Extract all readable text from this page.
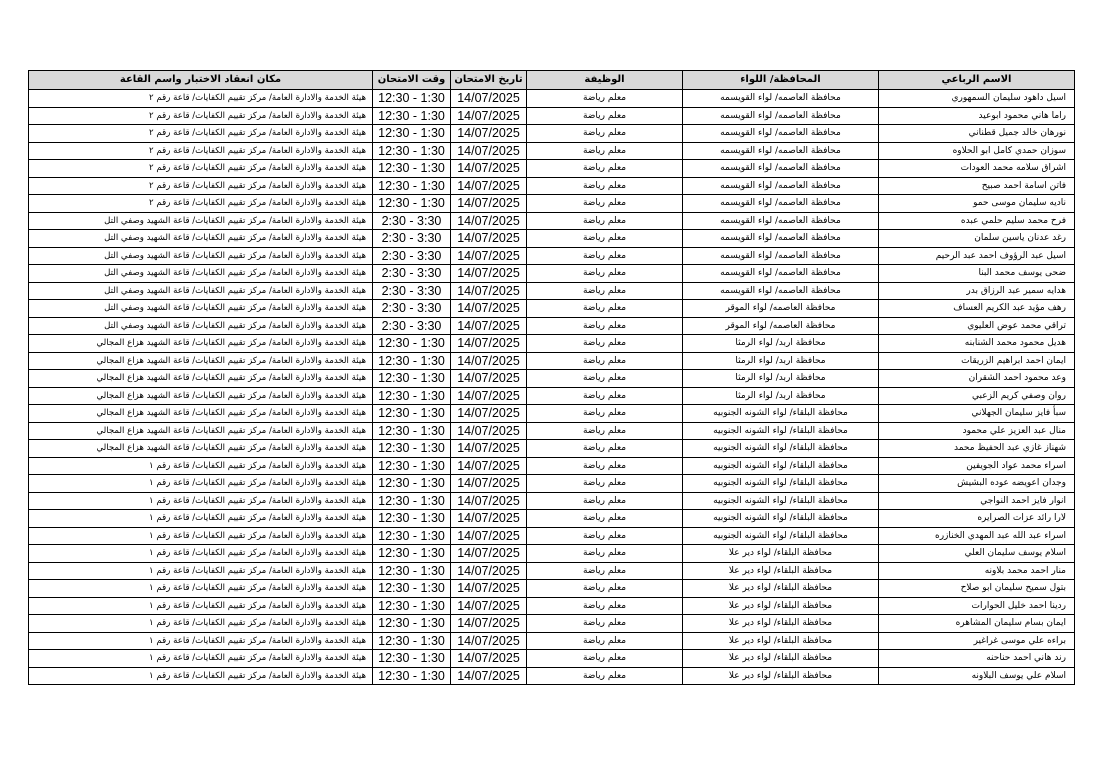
الاسم الرباعي	المحافظة/ اللواء	الوظيفة	تاريخ الامتحان	وقت الامتحان	مكان انعقاد الاختبار واسم القاعة
اسيل داهود سليمان السمهوري	محافظة العاصمه/ لواء القويسمه	معلم رياضة	14/07/2025	12:30 - 1:30	هيئة الخدمة والادارة العامة/ مركز تقييم الكفايات/ قاعة رقم ٢
راما هاني محمود ابوعيد	محافظة العاصمه/ لواء القويسمه	معلم رياضة	14/07/2025	12:30 - 1:30	هيئة الخدمة والادارة العامة/ مركز تقييم الكفايات/ قاعة رقم ٢
نورهان خالد جميل قطناني	محافظة العاصمه/ لواء القويسمه	معلم رياضة	14/07/2025	12:30 - 1:30	هيئة الخدمة والادارة العامة/ مركز تقييم الكفايات/ قاعة رقم ٢
سوزان حمدي كامل ابو الحلاوه	محافظة العاصمه/ لواء القويسمه	معلم رياضة	14/07/2025	12:30 - 1:30	هيئة الخدمة والادارة العامة/ مركز تقييم الكفايات/ قاعة رقم ٢
اشراق سلامه محمد العودات	محافظة العاصمه/ لواء القويسمه	معلم رياضة	14/07/2025	12:30 - 1:30	هيئة الخدمة والادارة العامة/ مركز تقييم الكفايات/ قاعة رقم ٢
فاتن اسامة احمد صبيح	محافظة العاصمه/ لواء القويسمه	معلم رياضة	14/07/2025	12:30 - 1:30	هيئة الخدمة والادارة العامة/ مركز تقييم الكفايات/ قاعة رقم ٢
ناديه سليمان موسى حمو	محافظة العاصمه/ لواء القويسمه	معلم رياضة	14/07/2025	12:30 - 1:30	هيئة الخدمة والادارة العامة/ مركز تقييم الكفايات/ قاعة رقم ٢
فرح محمد سليم حلمي عبده	محافظة العاصمه/ لواء القويسمه	معلم رياضة	14/07/2025	2:30 - 3:30	هيئة الخدمة والادارة العامة/ مركز تقييم الكفايات/ قاعة الشهيد وصفي التل
رغد عدنان ياسين سلمان	محافظة العاصمه/ لواء القويسمه	معلم رياضة	14/07/2025	2:30 - 3:30	هيئة الخدمة والادارة العامة/ مركز تقييم الكفايات/ قاعة الشهيد وصفي التل
اسيل عبد الرؤوف احمد عبد الرحيم	محافظة العاصمه/ لواء القويسمه	معلم رياضة	14/07/2025	2:30 - 3:30	هيئة الخدمة والادارة العامة/ مركز تقييم الكفايات/ قاعة الشهيد وصفي التل
ضحى يوسف محمد البنا	محافظة العاصمه/ لواء القويسمه	معلم رياضة	14/07/2025	2:30 - 3:30	هيئة الخدمة والادارة العامة/ مركز تقييم الكفايات/ قاعة الشهيد وصفي التل
هدايه سمير عبد الرزاق بدر	محافظة العاصمه/ لواء القويسمه	معلم رياضة	14/07/2025	2:30 - 3:30	هيئة الخدمة والادارة العامة/ مركز تقييم الكفايات/ قاعة الشهيد وصفي التل
رهف مؤيد عبد الكريم العساف	محافظة العاصمه/ لواء الموقر	معلم رياضة	14/07/2025	2:30 - 3:30	هيئة الخدمة والادارة العامة/ مركز تقييم الكفايات/ قاعة الشهيد وصفي التل
تراقي محمد عوض العليوي	محافظة العاصمه/ لواء الموقر	معلم رياضة	14/07/2025	2:30 - 3:30	هيئة الخدمة والادارة العامة/ مركز تقييم الكفايات/ قاعة الشهيد وصفي التل
هديل محمود محمد الشنابنه	محافظة اربد/ لواء الرمثا	معلم رياضة	14/07/2025	12:30 - 1:30	هيئة الخدمة والادارة العامة/ مركز تقييم الكفايات/ قاعة الشهيد هزاع المجالي
ايمان احمد ابراهيم الزريقات	محافظة اربد/ لواء الرمثا	معلم رياضة	14/07/2025	12:30 - 1:30	هيئة الخدمة والادارة العامة/ مركز تقييم الكفايات/ قاعة الشهيد هزاع المجالي
وعد محمود احمد الشقران	محافظة اربد/ لواء الرمثا	معلم رياضة	14/07/2025	12:30 - 1:30	هيئة الخدمة والادارة العامة/ مركز تقييم الكفايات/ قاعة الشهيد هزاع المجالي
روان وصفي كريم الزعبي	محافظة اربد/ لواء الرمثا	معلم رياضة	14/07/2025	12:30 - 1:30	هيئة الخدمة والادارة العامة/ مركز تقييم الكفايات/ قاعة الشهيد هزاع المجالي
سبأ فايز سليمان الجهلاني	محافظة البلقاء/ لواء الشونه الجنوبيه	معلم رياضة	14/07/2025	12:30 - 1:30	هيئة الخدمة والادارة العامة/ مركز تقييم الكفايات/ قاعة الشهيد هزاع المجالي
منال عبد العزيز علي محمود	محافظة البلقاء/ لواء الشونه الجنوبيه	معلم رياضة	14/07/2025	12:30 - 1:30	هيئة الخدمة والادارة العامة/ مركز تقييم الكفايات/ قاعة الشهيد هزاع المجالي
شهناز غازي عبد الحفيظ محمد	محافظة البلقاء/ لواء الشونه الجنوبيه	معلم رياضة	14/07/2025	12:30 - 1:30	هيئة الخدمة والادارة العامة/ مركز تقييم الكفايات/ قاعة الشهيد هزاع المجالي
اسراء محمد عواد الجويفين	محافظة البلقاء/ لواء الشونه الجنوبيه	معلم رياضة	14/07/2025	12:30 - 1:30	هيئة الخدمة والادارة العامة/ مركز تقييم الكفايات/ قاعة رقم ١
وجدان اعويضه عوده البشيش	محافظة البلقاء/ لواء الشونه الجنوبيه	معلم رياضة	14/07/2025	12:30 - 1:30	هيئة الخدمة والادارة العامة/ مركز تقييم الكفايات/ قاعة رقم ١
انوار فايز احمد النواجي	محافظة البلقاء/ لواء الشونه الجنوبيه	معلم رياضة	14/07/2025	12:30 - 1:30	هيئة الخدمة والادارة العامة/ مركز تقييم الكفايات/ قاعة رقم ١
لارا رائد عزات الصرايره	محافظة البلقاء/ لواء الشونه الجنوبيه	معلم رياضة	14/07/2025	12:30 - 1:30	هيئة الخدمة والادارة العامة/ مركز تقييم الكفايات/ قاعة رقم ١
اسراء عبد الله عبد المهدي الخنازره	محافظة البلقاء/ لواء الشونه الجنوبيه	معلم رياضة	14/07/2025	12:30 - 1:30	هيئة الخدمة والادارة العامة/ مركز تقييم الكفايات/ قاعة رقم ١
اسلام يوسف سليمان العلي	محافظة البلقاء/ لواء دير علا	معلم رياضة	14/07/2025	12:30 - 1:30	هيئة الخدمة والادارة العامة/ مركز تقييم الكفايات/ قاعة رقم ١
منار احمد محمد بلاونه	محافظة البلقاء/ لواء دير علا	معلم رياضة	14/07/2025	12:30 - 1:30	هيئة الخدمة والادارة العامة/ مركز تقييم الكفايات/ قاعة رقم ١
بتول سميح سليمان ابو صلاح	محافظة البلقاء/ لواء دير علا	معلم رياضة	14/07/2025	12:30 - 1:30	هيئة الخدمة والادارة العامة/ مركز تقييم الكفايات/ قاعة رقم ١
ردينا احمد خليل الحوارات	محافظة البلقاء/ لواء دير علا	معلم رياضة	14/07/2025	12:30 - 1:30	هيئة الخدمة والادارة العامة/ مركز تقييم الكفايات/ قاعة رقم ١
ايمان بسام سليمان المشاهره	محافظة البلقاء/ لواء دير علا	معلم رياضة	14/07/2025	12:30 - 1:30	هيئة الخدمة والادارة العامة/ مركز تقييم الكفايات/ قاعة رقم ١
براءه علي موسى غراغير	محافظة البلقاء/ لواء دير علا	معلم رياضة	14/07/2025	12:30 - 1:30	هيئة الخدمة والادارة العامة/ مركز تقييم الكفايات/ قاعة رقم ١
رند هاني احمد حناحنه	محافظة البلقاء/ لواء دير علا	معلم رياضة	14/07/2025	12:30 - 1:30	هيئة الخدمة والادارة العامة/ مركز تقييم الكفايات/ قاعة رقم ١
اسلام علي يوسف البلاونه	محافظة البلقاء/ لواء دير علا	معلم رياضة	14/07/2025	12:30 - 1:30	هيئة الخدمة والادارة العامة/ مركز تقييم الكفايات/ قاعة رقم ١
